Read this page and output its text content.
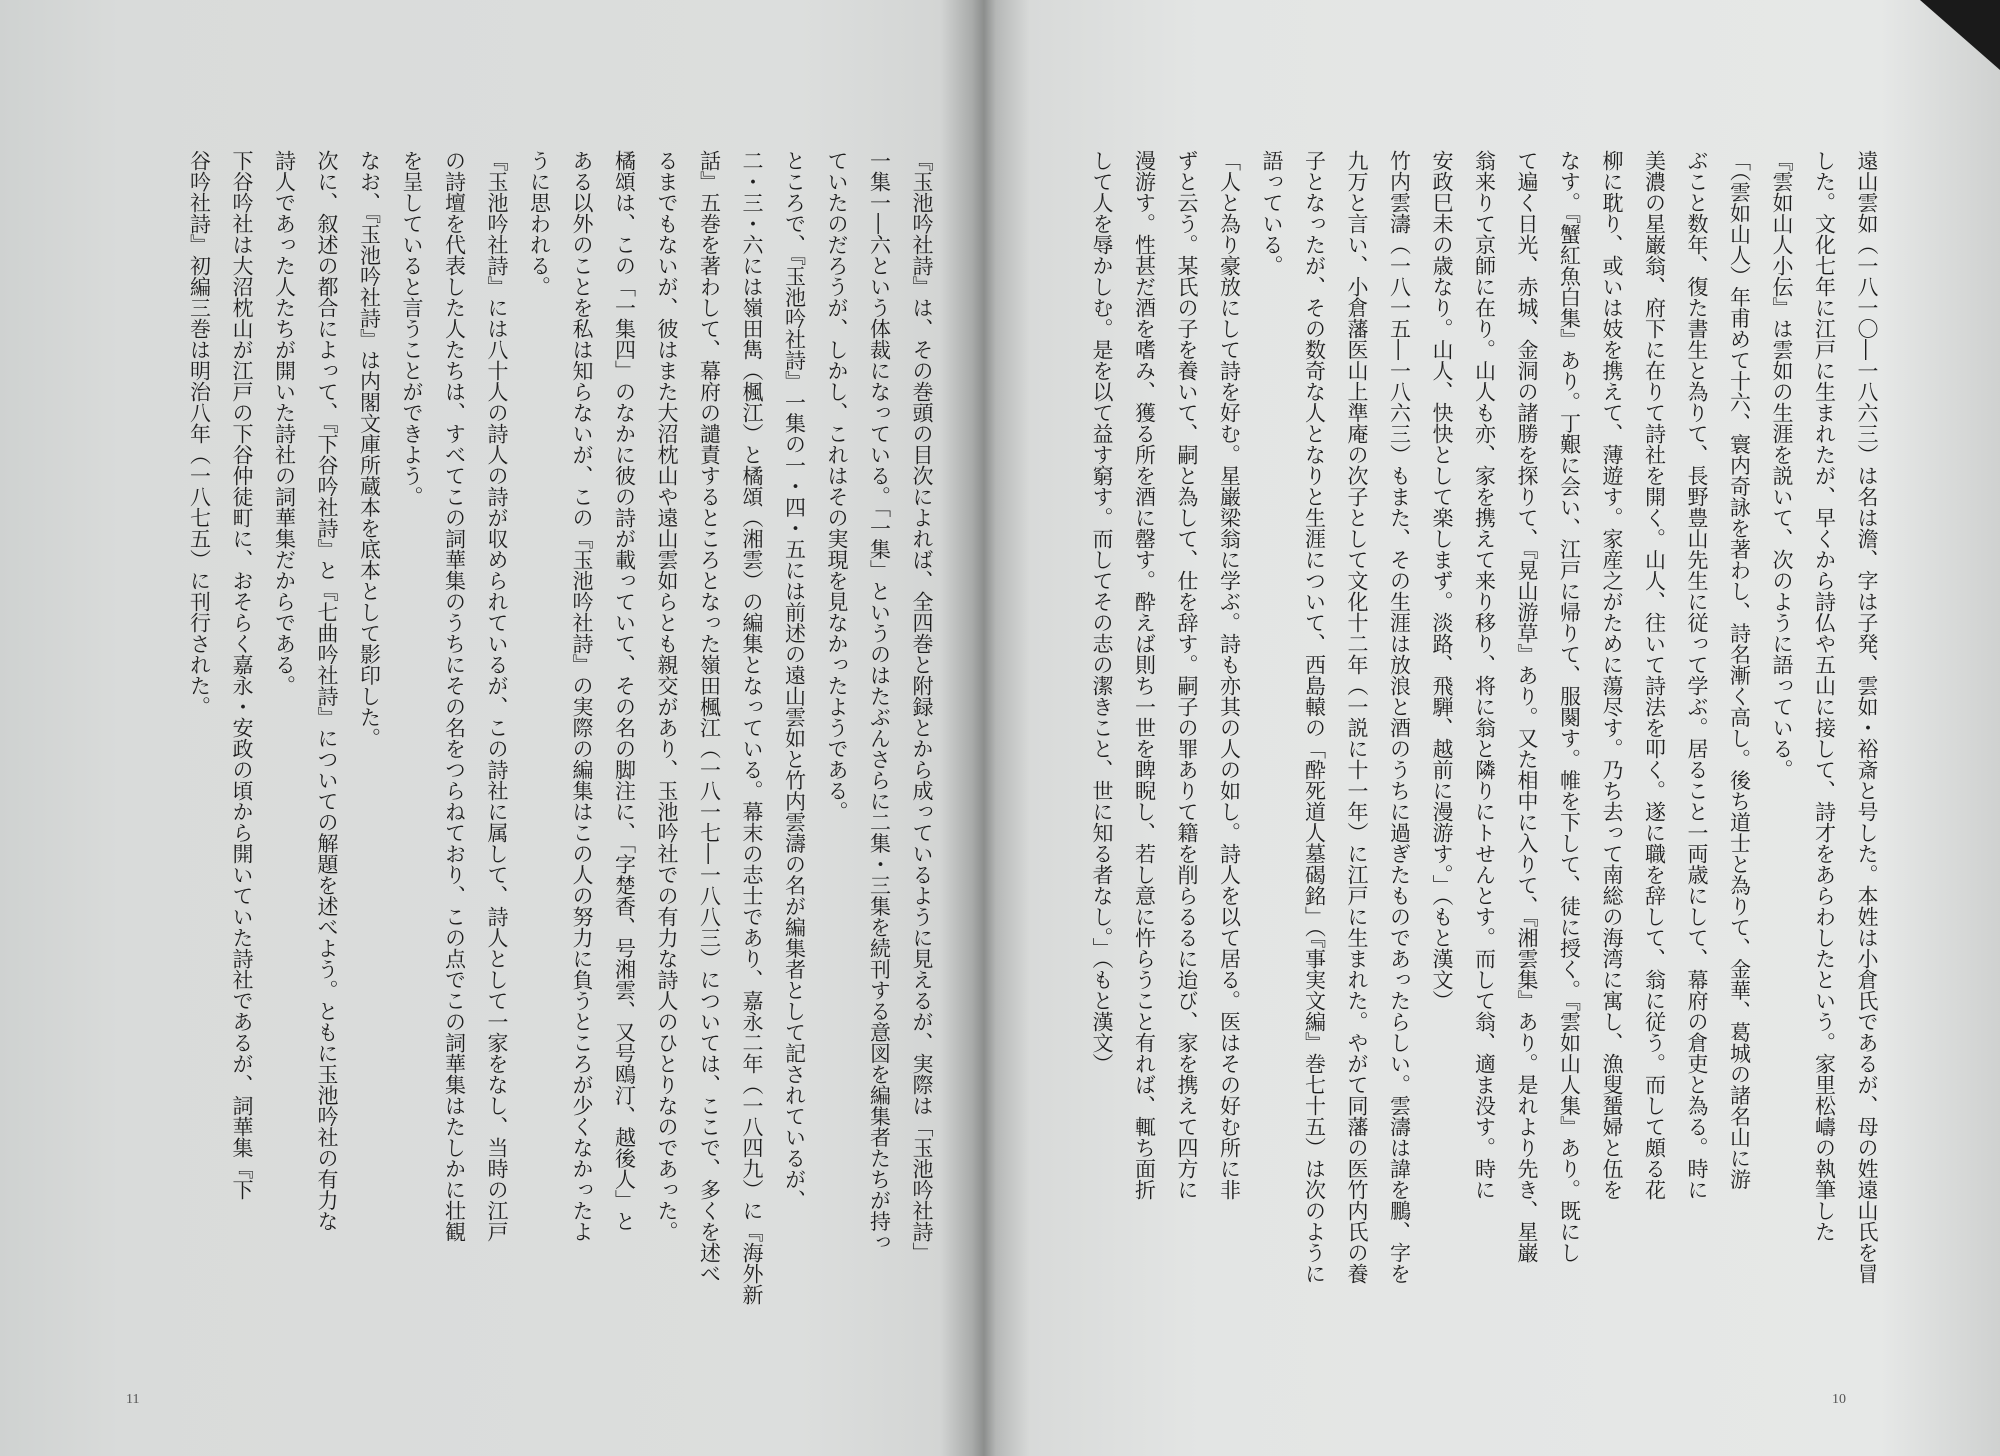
『玉池吟社詩』は、その巻頭の目次によれば、全四巻と附録とから成っているように見えるが、実際は「玉池吟社詩」

一集一―六という体裁になっている。「一集」というのはたぶんさらに二集・三集を続刊する意図を編集者たちが持っ

ていたのだろうが、しかし、これはその実現を見なかったようである。

ところで、『玉池吟社詩』一集の一・四・五には前述の遠山雲如と竹内雲濤の名が編集者として記されているが、

二・三・六には嶺田雋（楓江）と橘頌（湘雲）の編集となっている。幕末の志士であり、嘉永二年（一八四九）に『海外新

話』五巻を著わして、幕府の譴責するところとなった嶺田楓江（一八一七―一八八三）については、ここで、多くを述べ

るまでもないが、彼はまた大沼枕山や遠山雲如らとも親交があり、玉池吟社での有力な詩人のひとりなのであった。

橘頌は、この「一集四」のなかに彼の詩が載っていて、その名の脚注に、「字楚香、号湘雲、又号鴎汀、越後人」と

ある以外のことを私は知らないが、この『玉池吟社詩』の実際の編集はこの人の努力に負うところが少くなかったよ

うに思われる。

『玉池吟社詩』には八十人の詩人の詩が収められているが、この詩社に属して、詩人として一家をなし、当時の江戸

の詩壇を代表した人たちは、すべてこの詞華集のうちにその名をつらねており、この点でこの詞華集はたしかに壮観

を呈していると言うことができよう。

なお、『玉池吟社詩』は内閣文庫所蔵本を底本として影印した。

次に、叙述の都合によって、『下谷吟社詩』と『七曲吟社詩』についての解題を述べよう。ともに玉池吟社の有力な

詩人であった人たちが開いた詩社の詞華集だからである。

下谷吟社は大沼枕山が江戸の下谷仲徒町に、おそらく嘉永・安政の頃から開いていた詩社であるが、詞華集『下

谷吟社詩』初編三巻は明治八年（一八七五）に刊行された。	遠山雲如（一八一〇―一八六三）は名は澹、字は子発、雲如・裕斎と号した。本姓は小倉氏であるが、母の姓遠山氏を冒

した。文化七年に江戸に生まれたが、早くから詩仏や五山に接して、詩才をあらわしたという。家里松嶹の執筆した

『雲如山人小伝』は雲如の生涯を説いて、次のように語っている。

「（雲如山人）年甫めて十六、寰内奇詠を著わし、詩名漸く高し。後ち道士と為りて、金華、葛城の諸名山に游

ぶこと数年、復た書生と為りて、長野豊山先生に従って学ぶ。居ること一両歳にして、幕府の倉吏と為る。時に

美濃の星巌翁、府下に在りて詩社を開く。山人、往いて詩法を叩く。遂に職を辞して、翁に従う。而して頗る花

柳に耽り、或いは妓を携えて、薄遊す。家産之がために蕩尽す。乃ち去って南総の海湾に寓し、漁叟蜑婦と伍を

なす。『蟹紅魚白集』あり。丁艱に会い、江戸に帰りて、服闋す。帷を下して、徒に授く。『雲如山人集』あり。既にし

て遍く日光、赤城、金洞の諸勝を探りて、『晃山游草』あり。又た相中に入りて、『湘雲集』あり。是れより先き、星巌

翁来りて京師に在り。山人も亦、家を携えて来り移り、将に翁と隣りにトせんとす。而して翁、適ま没す。時に

安政巳未の歳なり。山人、快快として楽しまず。淡路、飛騨、越前に漫游す。」（もと漢文）

竹内雲濤（一八一五―一八六三）もまた、その生涯は放浪と酒のうちに過ぎたものであったらしい。雲濤は諱を鵬、字を

九万と言い、小倉藩医山上準庵の次子として文化十二年（一説に十一年）に江戸に生まれた。やがて同藩の医竹内氏の養

子となったが、その数奇な人となりと生涯について、西島轅の「酔死道人墓碣銘」（『事実文編』巻七十五）は次のように

語っている。

「人と為り豪放にして詩を好む。星巌梁翁に学ぶ。詩も亦其の人の如し。詩人を以て居る。医はその好む所に非

ずと云う。某氏の子を養いて、嗣と為して、仕を辞す。嗣子の罪ありて籍を削らるるに迨び、家を携えて四方に

漫游す。性甚だ酒を嗜み、獲る所を酒に罄す。酔えば則ち一世を睥睨し、若し意に忤らうこと有れば、輒ち面折

して人を辱かしむ。是を以て益す窮す。而してその志の潔きこと、世に知る者なし。」（もと漢文）

11	10
